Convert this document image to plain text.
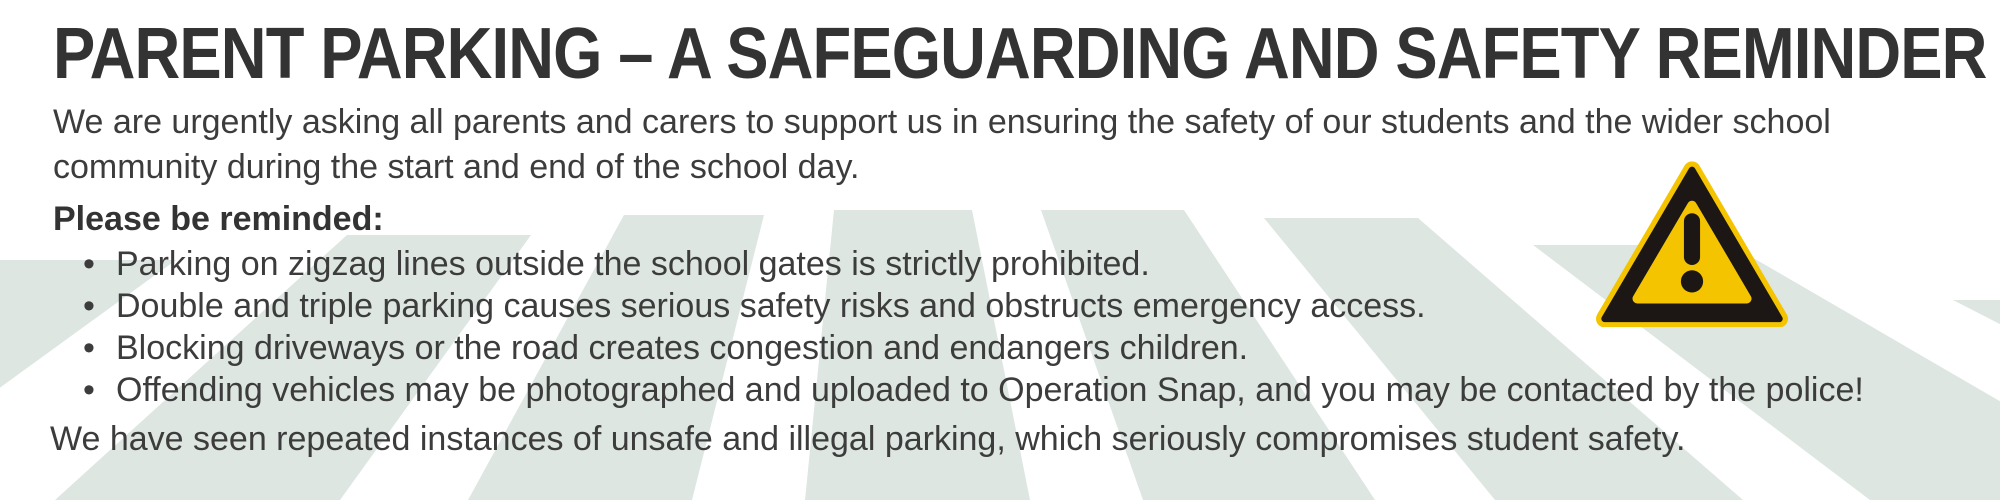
PARENT PARKING – A SAFEGUARDING AND SAFETY REMINDER

We are urgently asking all parents and carers to support us in ensuring the safety of our students and the wider school
community during the start and end of the school day.

Please be reminded:

• Parking on zigzag lines outside the school gates is strictly prohibited.
• Double and triple parking causes serious safety risks and obstructs emergency access.
• Blocking driveways or the road creates congestion and endangers children.
• Offending vehicles may be photographed and uploaded to Operation Snap, and you may be contacted by the police!

We have seen repeated instances of unsafe and illegal parking, which seriously compromises student safety.
